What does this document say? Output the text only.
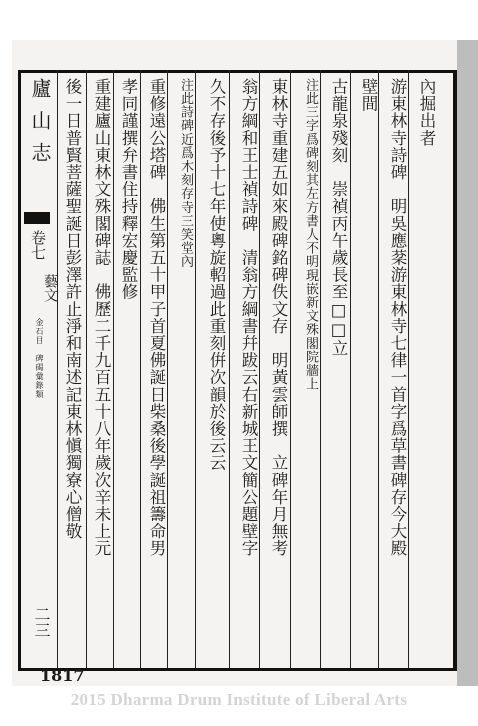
廬山志
卷七
藝文
金石目　碑碣彙錄類
二三
內掘出者
游東林寺詩碑　明吳應棻游東林寺七律一首字爲草書碑存今大殿
壁間
古龍泉殘刻　崇禎丙午歲長至□□立
注此三字爲碑刻其左方書人不明現嵌新文殊閣院牆上
東林寺重建五如來殿碑銘碑佚文存　明黃雲師撰　立碑年月無考
翁方綱和王士禎詩碑　清翁方綱書幷跋云右新城王文簡公題壁字
久不存後予十七年使粵旋軺過此重刻倂次韻於後云云
注此詩碑近爲木刻存寺三笑堂內
重修遠公塔碑　佛生第五十甲子首夏佛誕日柴桑後學誕祖籌命男
孝同謹撰弁書住持釋宏慶監修
重建廬山東林文殊閣碑誌　佛歷二千九百五十八年歲次辛未上元
後一日普賢菩薩聖誕日彭澤許止淨和南述記東林愼獨寮心僧敬
1817
2015 Dharma Drum Institute of Liberal Arts
